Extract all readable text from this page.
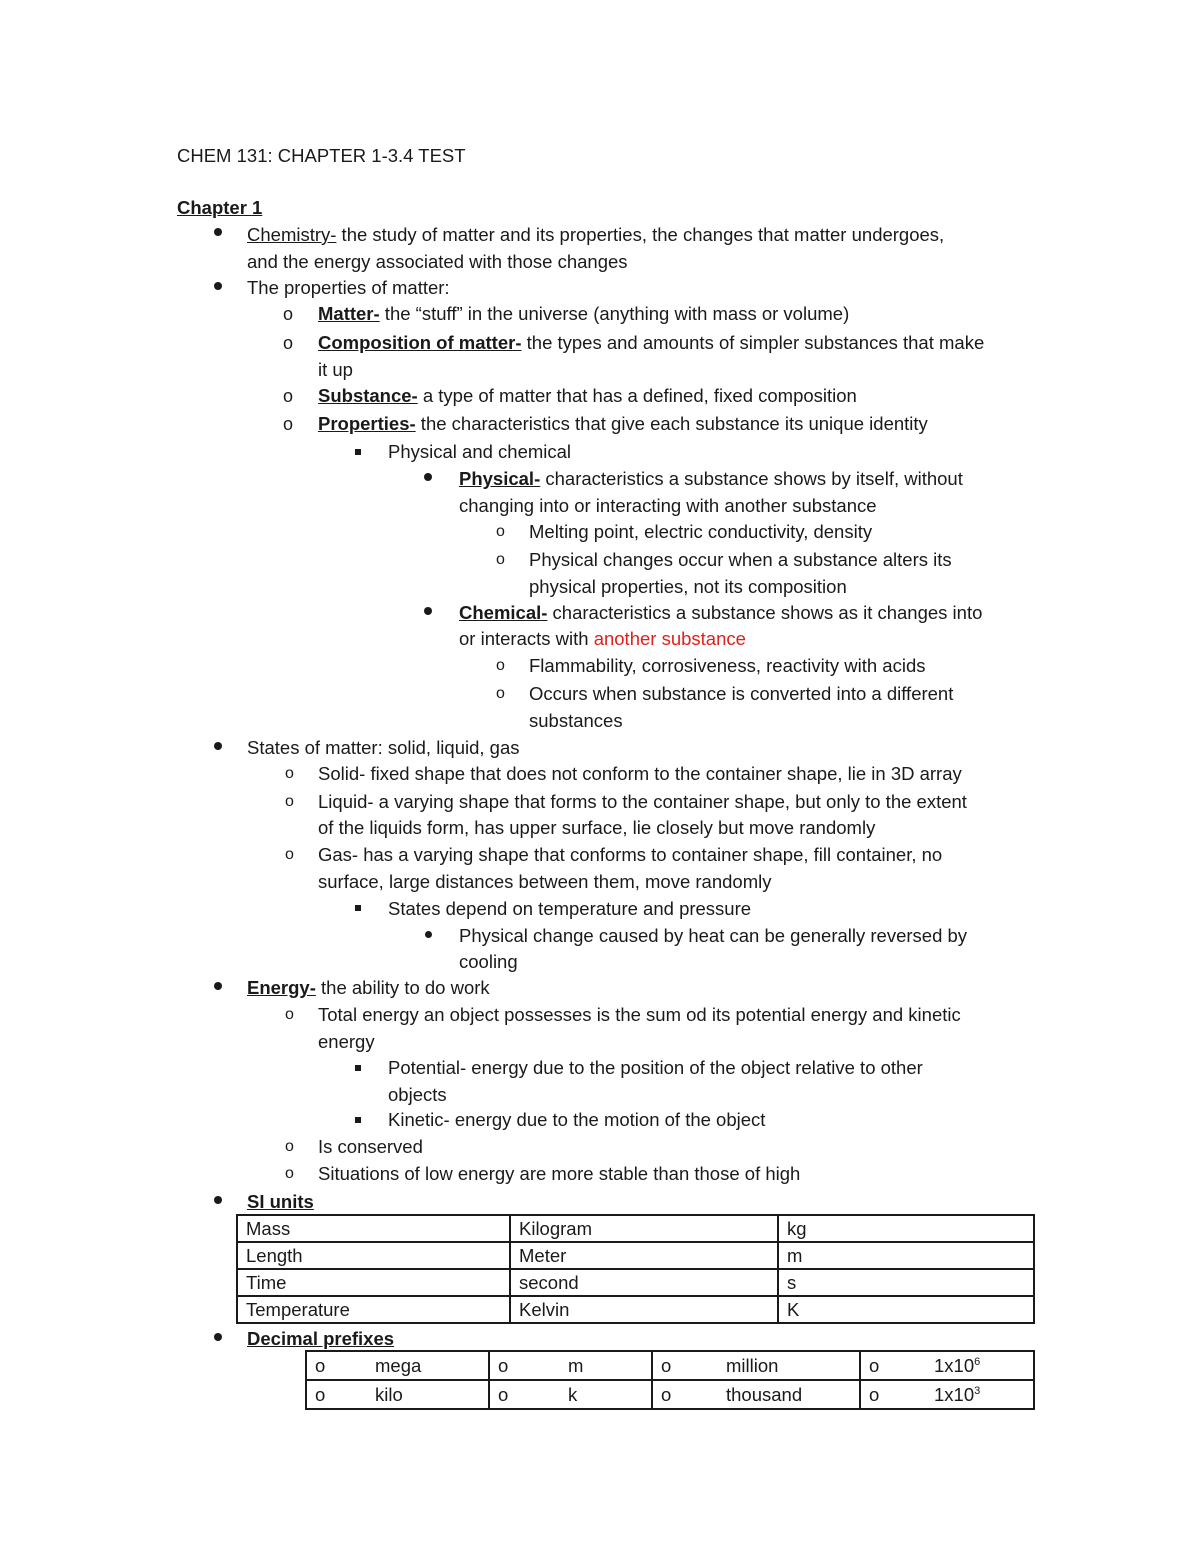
CHEM 131: CHAPTER 1-3.4 TEST
Chapter 1
Chemistry- the study of matter and its properties, the changes that matter undergoes,
and the energy associated with those changes
The properties of matter:
o Matter- the “stuff” in the universe (anything with mass or volume)
o Composition of matter- the types and amounts of simpler substances that make
it up
o Substance- a type of matter that has a defined, fixed composition
o Properties- the characteristics that give each substance its unique identity
Physical and chemical
Physical- characteristics a substance shows by itself, without
changing into or interacting with another substance
o Melting point, electric conductivity, density
o Physical changes occur when a substance alters its
physical properties, not its composition
Chemical- characteristics a substance shows as it changes into
or interacts with another substance
o Flammability, corrosiveness, reactivity with acids
o Occurs when substance is converted into a different
substances
States of matter: solid, liquid, gas
o Solid- fixed shape that does not conform to the container shape, lie in 3D array
o Liquid- a varying shape that forms to the container shape, but only to the extent
of the liquids form, has upper surface, lie closely but move randomly
o Gas- has a varying shape that conforms to container shape, fill container, no
surface, large distances between them, move randomly
States depend on temperature and pressure
Physical change caused by heat can be generally reversed by
cooling
Energy- the ability to do work
o Total energy an object possesses is the sum od its potential energy and kinetic
energy
Potential- energy due to the position of the object relative to other
objects
Kinetic- energy due to the motion of the object
o Is conserved
o Situations of low energy are more stable than those of high
SI units
Mass	Kilogram	kg
Length	Meter	m
Time	second	s
Temperature	Kelvin	K
Decimal prefixes
o mega	o m	o million	o $1x10^6$
o kilo	o k	o thousand	o $1x10^3$
